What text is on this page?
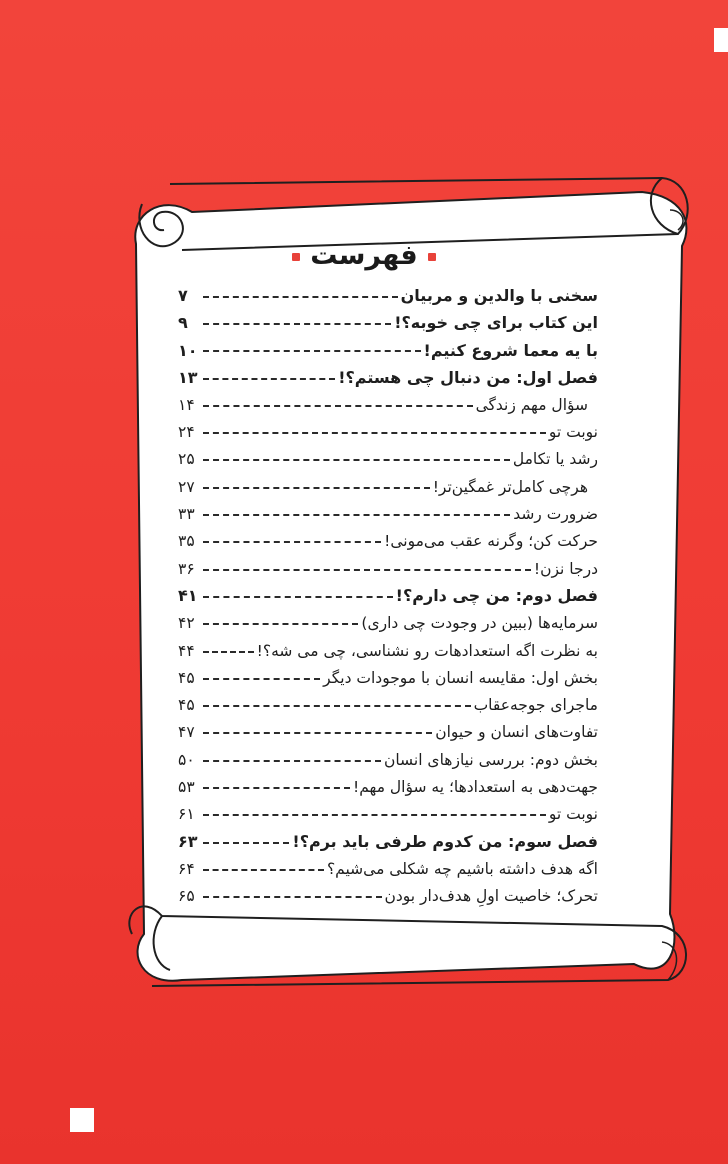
فهرست
سخنی با والدین و مربیان
۷
این کتاب برای چی خوبه؟!
۹
با یه معما شروع کنیم!
۱۰
فصل اول: من دنبال چی هستم؟!
۱۳
سؤال مهم زندگی
۱۴
نوبت تو
۲۴
رشد یا تکامل
۲۵
هرچی کامل‌تر غمگین‌تر!
۲۷
ضرورت رشد
۳۳
حرکت کن؛ وگرنه عقب می‌مونی!
۳۵
درجا نزن!
۳۶
فصل دوم: من چی دارم؟!
۴۱
سرمایه‌ها (ببین در وجودت چی داری)
۴۲
به نظرت اگه استعدادهات رو نشناسی، چی می شه؟!
۴۴
بخش اول: مقایسه انسان با موجودات دیگر
۴۵
ماجرای جوجه‌عقاب
۴۵
تفاوت‌های انسان و حیوان
۴۷
بخش دوم: بررسی نیازهای انسان
۵۰
جهت‌دهی به استعدادها؛ یه سؤال مهم!
۵۳
نوبت تو
۶۱
فصل سوم: من کدوم طرفی باید برم؟!
۶۳
اگه هدف داشته باشیم چه شکلی می‌شیم؟
۶۴
تحرک؛ خاصیت اولِ هدف‌دار بودن
۶۵
